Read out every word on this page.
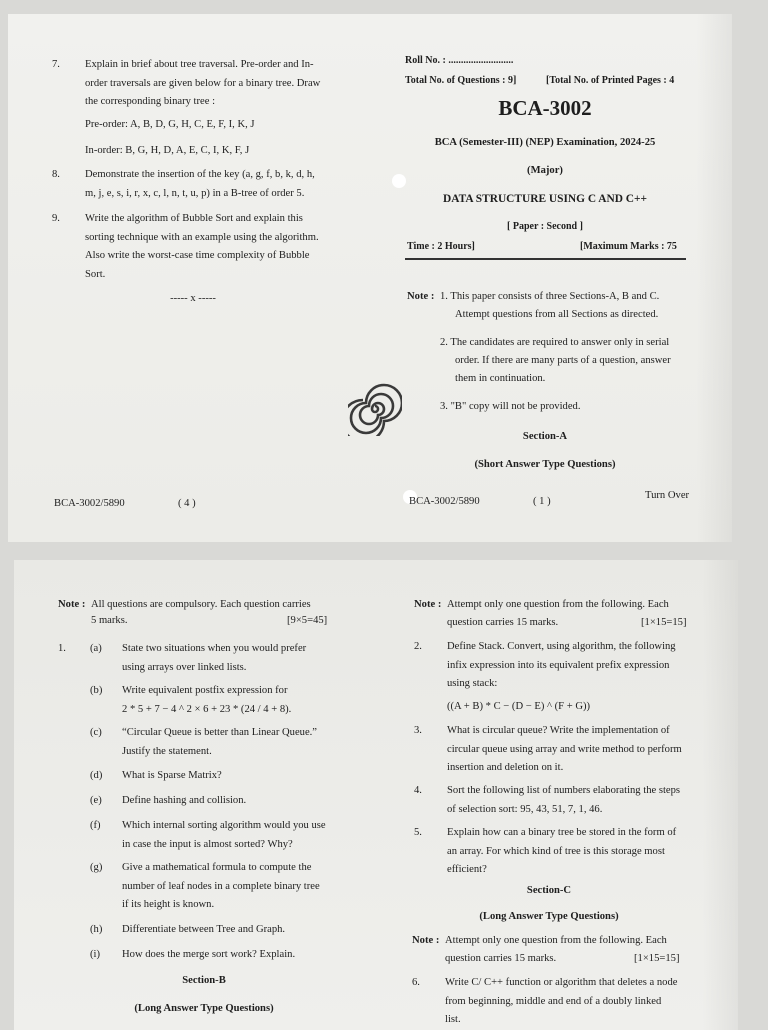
7. Explain in brief about tree traversal. Pre-order and In-
order traversals are given below for a binary tree. Draw
the corresponding binary tree :
Pre-order: A, B, D, G, H, C, E, F, I, K, J
In-order: B, G, H, D, A, E, C, I, K, F, J
8. Demonstrate the insertion of the key (a, g, f, b, k, d, h,
m, j, e, s, i, r, x, c, l, n, t, u, p) in a B-tree of order 5.
9. Write the algorithm of Bubble Sort and explain this
sorting technique with an example using the algorithm.
Also write the worst-case time complexity of Bubble
Sort.
----- x -----
BCA-3002/5890	( 4 )
Roll No. : ..........................
Total No. of Questions : 9]	[Total No. of Printed Pages : 4
BCA-3002
BCA (Semester-III) (NEP) Examination, 2024-25
(Major)
DATA STRUCTURE USING C AND C++
[ Paper : Second ]
Time : 2 Hours]	[Maximum Marks : 75
Note : 1. This paper consists of three Sections-A, B and C.
Attempt questions from all Sections as directed.
2. The candidates are required to answer only in serial
order. If there are many parts of a question, answer
them in continuation.
3. "B" copy will not be provided.
Section-A
(Short Answer Type Questions)
BCA-3002/5890	( 1 )
Turn Over
Note : All questions are compulsory. Each question carries
5 marks.	[9×5=45]
1. (a) State two situations when you would prefer
using arrays over linked lists.
(b) Write equivalent postfix expression for
2 * 5 + 7 − 4 ^ 2 × 6 + 23 * (24 / 4 + 8).
(c) “Circular Queue is better than Linear Queue.”
Justify the statement.
(d) What is Sparse Matrix?
(e) Define hashing and collision.
(f) Which internal sorting algorithm would you use
in case the input is almost sorted? Why?
(g) Give a mathematical formula to compute the
number of leaf nodes in a complete binary tree
if its height is known.
(h) Differentiate between Tree and Graph.
(i) How does the merge sort work? Explain.
Section-B
(Long Answer Type Questions)
Note : Attempt only one question from the following. Each
question carries 15 marks.	[1×15=15]
2. Define Stack. Convert, using algorithm, the following
infix expression into its equivalent prefix expression
using stack:
((A + B) * C − (D − E) ^ (F + G))
3. What is circular queue? Write the implementation of
circular queue using array and write method to perform
insertion and deletion on it.
4. Sort the following list of numbers elaborating the steps
of selection sort: 95, 43, 51, 7, 1, 46.
5. Explain how can a binary tree be stored in the form of
an array. For which kind of tree is this storage most
efficient?
Section-C
(Long Answer Type Questions)
Note : Attempt only one question from the following. Each
question carries 15 marks.	[1×15=15]
6. Write C/ C++ function or algorithm that deletes a node
from beginning, middle and end of a doubly linked
list.
